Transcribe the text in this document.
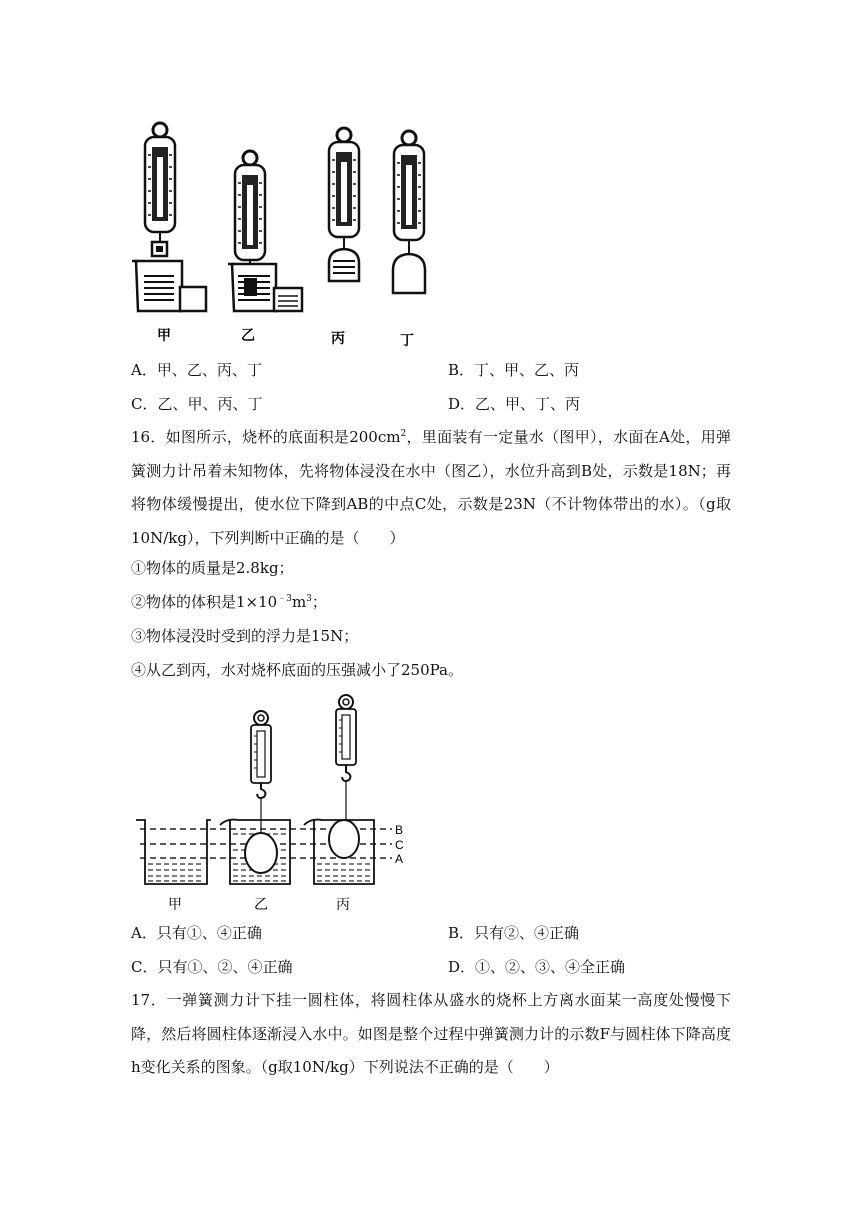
甲	乙	丙	丁
A．甲、乙、丙、丁	B．丁、甲、乙、丙
C．乙、甲、丙、丁	D．乙、甲、丁、丙
16．如图所示，烧杯的底面积是$200cm^2$，里面装有一定量水（图甲），水面在A处，用弹簧测力计吊着未知物体，先将物体浸没在水中（图乙），水位升高到B处，示数是18N；再将物体缓慢提出，使水位下降到AB的中点C处，示数是23N（不计物体带出的水）。（g取10N/kg），下列判断中正确的是（　　）
①物体的质量是2.8kg；
②物体的体积是$1\times 10^{﹣3}m^3$；
③物体浸没时受到的浮力是15N；
④从乙到丙，水对烧杯底面的压强减小了250Pa。
B
C
A
甲	乙	丙
A．只有①、④正确	B．只有②、④正确
C．只有①、②、④正确	D．①、②、③、④全正确
17．一弹簧测力计下挂一圆柱体，将圆柱体从盛水的烧杯上方离水面某一高度处慢慢下降，然后将圆柱体逐渐浸入水中。如图是整个过程中弹簧测力计的示数F与圆柱体下降高度h变化关系的图象。（g取10N/kg）下列说法不正确的是（　　）
